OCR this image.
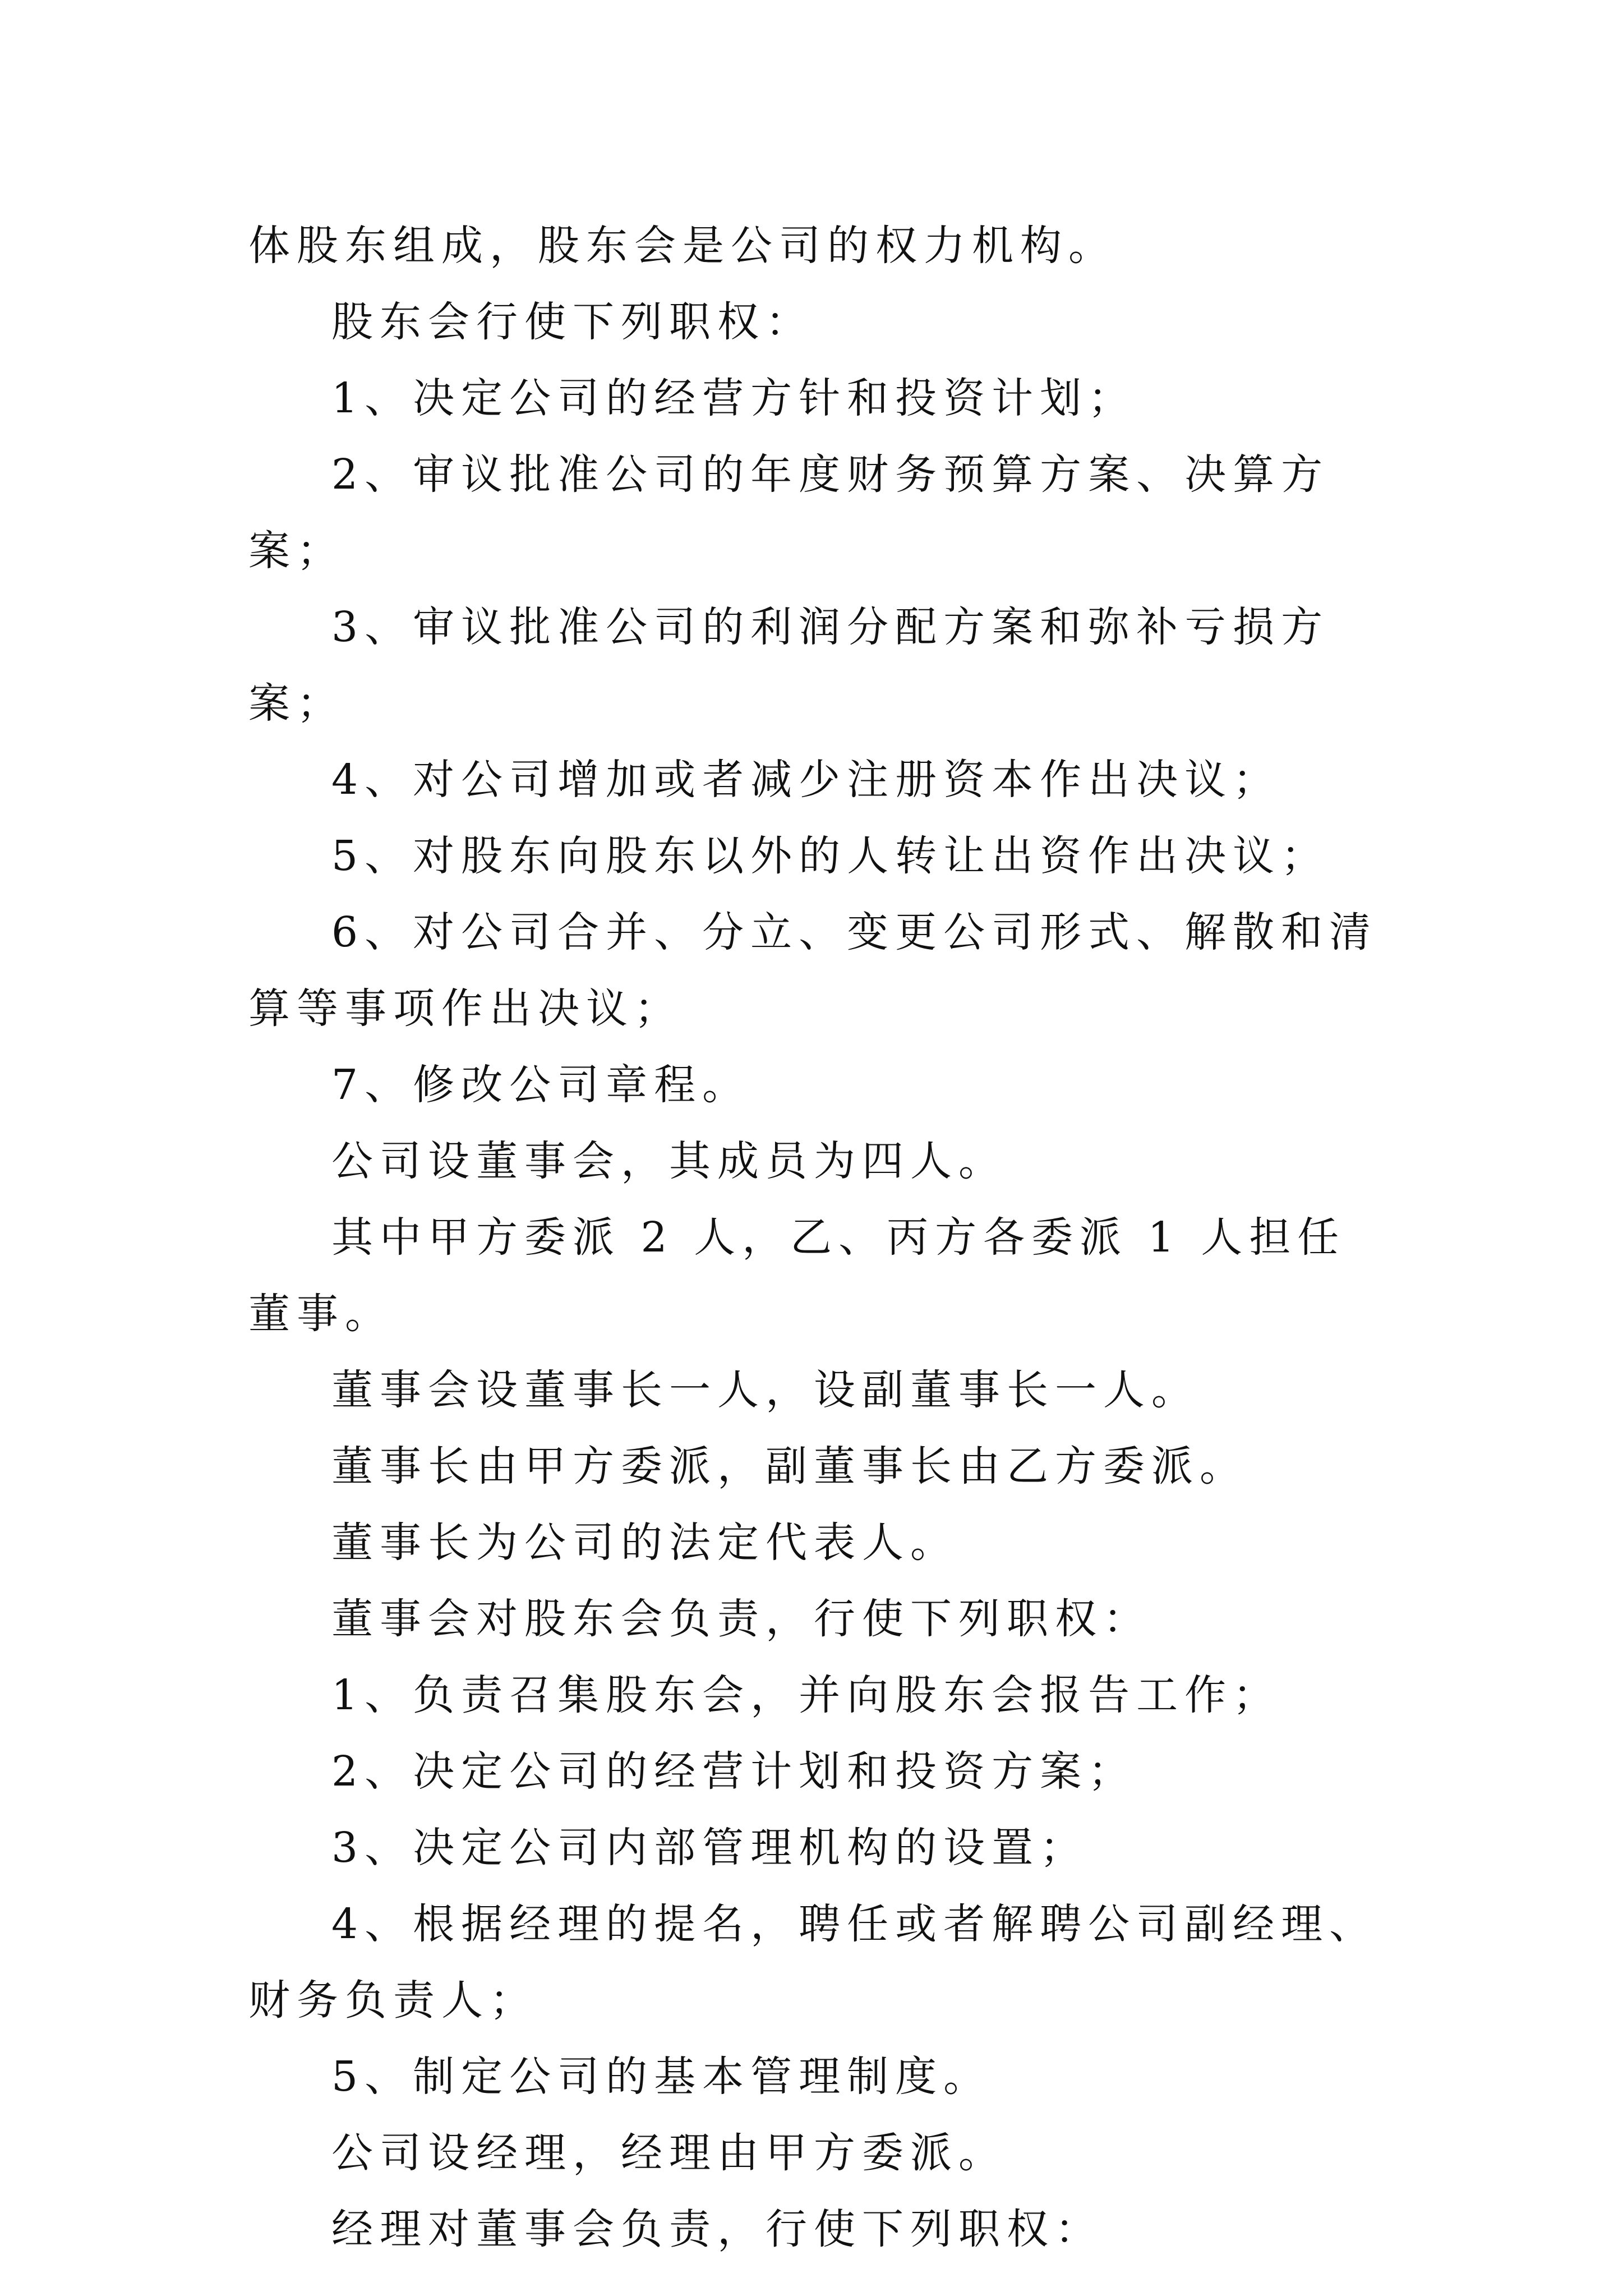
体股东组成，股东会是公司的权力机构。

股东会行使下列职权：

1、决定公司的经营方针和投资计划；

2、审议批准公司的年度财务预算方案、决算方案；

3、审议批准公司的利润分配方案和弥补亏损方案；

4、对公司增加或者减少注册资本作出决议；

5、对股东向股东以外的人转让出资作出决议；

6、对公司合并、分立、变更公司形式、解散和清算等事项作出决议；

7、修改公司章程。

公司设董事会，其成员为四人。

其中甲方委派 2 人，乙、丙方各委派 1 人担任董事。

董事会设董事长一人，设副董事长一人。

董事长由甲方委派，副董事长由乙方委派。

董事长为公司的法定代表人。

董事会对股东会负责，行使下列职权：

1、负责召集股东会，并向股东会报告工作；

2、决定公司的经营计划和投资方案；

3、决定公司内部管理机构的设置；

4、根据经理的提名，聘任或者解聘公司副经理、财务负责人；

5、制定公司的基本管理制度。

公司设经理，经理由甲方委派。

经理对董事会负责，行使下列职权：
